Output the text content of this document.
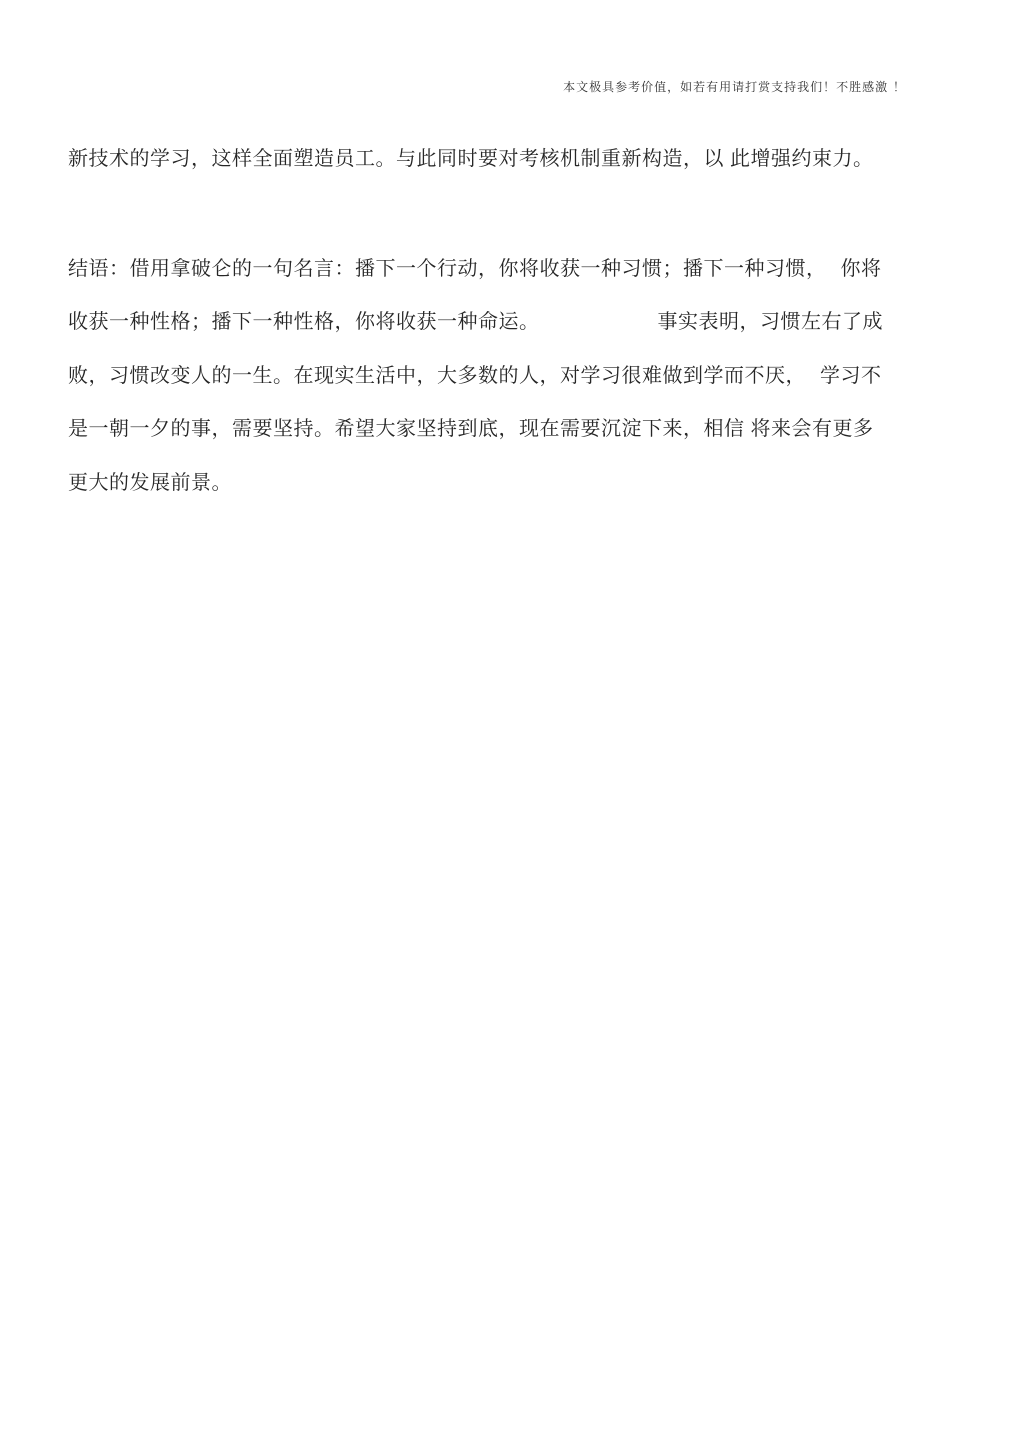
本文极具参考价值，如若有用请打赏支持我们！不胜感激 ！
新技术的学习，这样全面塑造员工。与此同时要对考核机制重新构造，以 此增强约束力。
结语：借用拿破仑的一句名言：播下一个行动，你将收获一种习惯；播下一种习惯， 你将
收获一种性格；播下一种性格，你将收获一种命运。	事实表明，习惯左右了成
败，习惯改变人的一生。在现实生活中，大多数的人，对学习很难做到学而不厌， 学习不
是一朝一夕的事，需要坚持。希望大家坚持到底，现在需要沉淀下来，相信 将来会有更多
更大的发展前景。
